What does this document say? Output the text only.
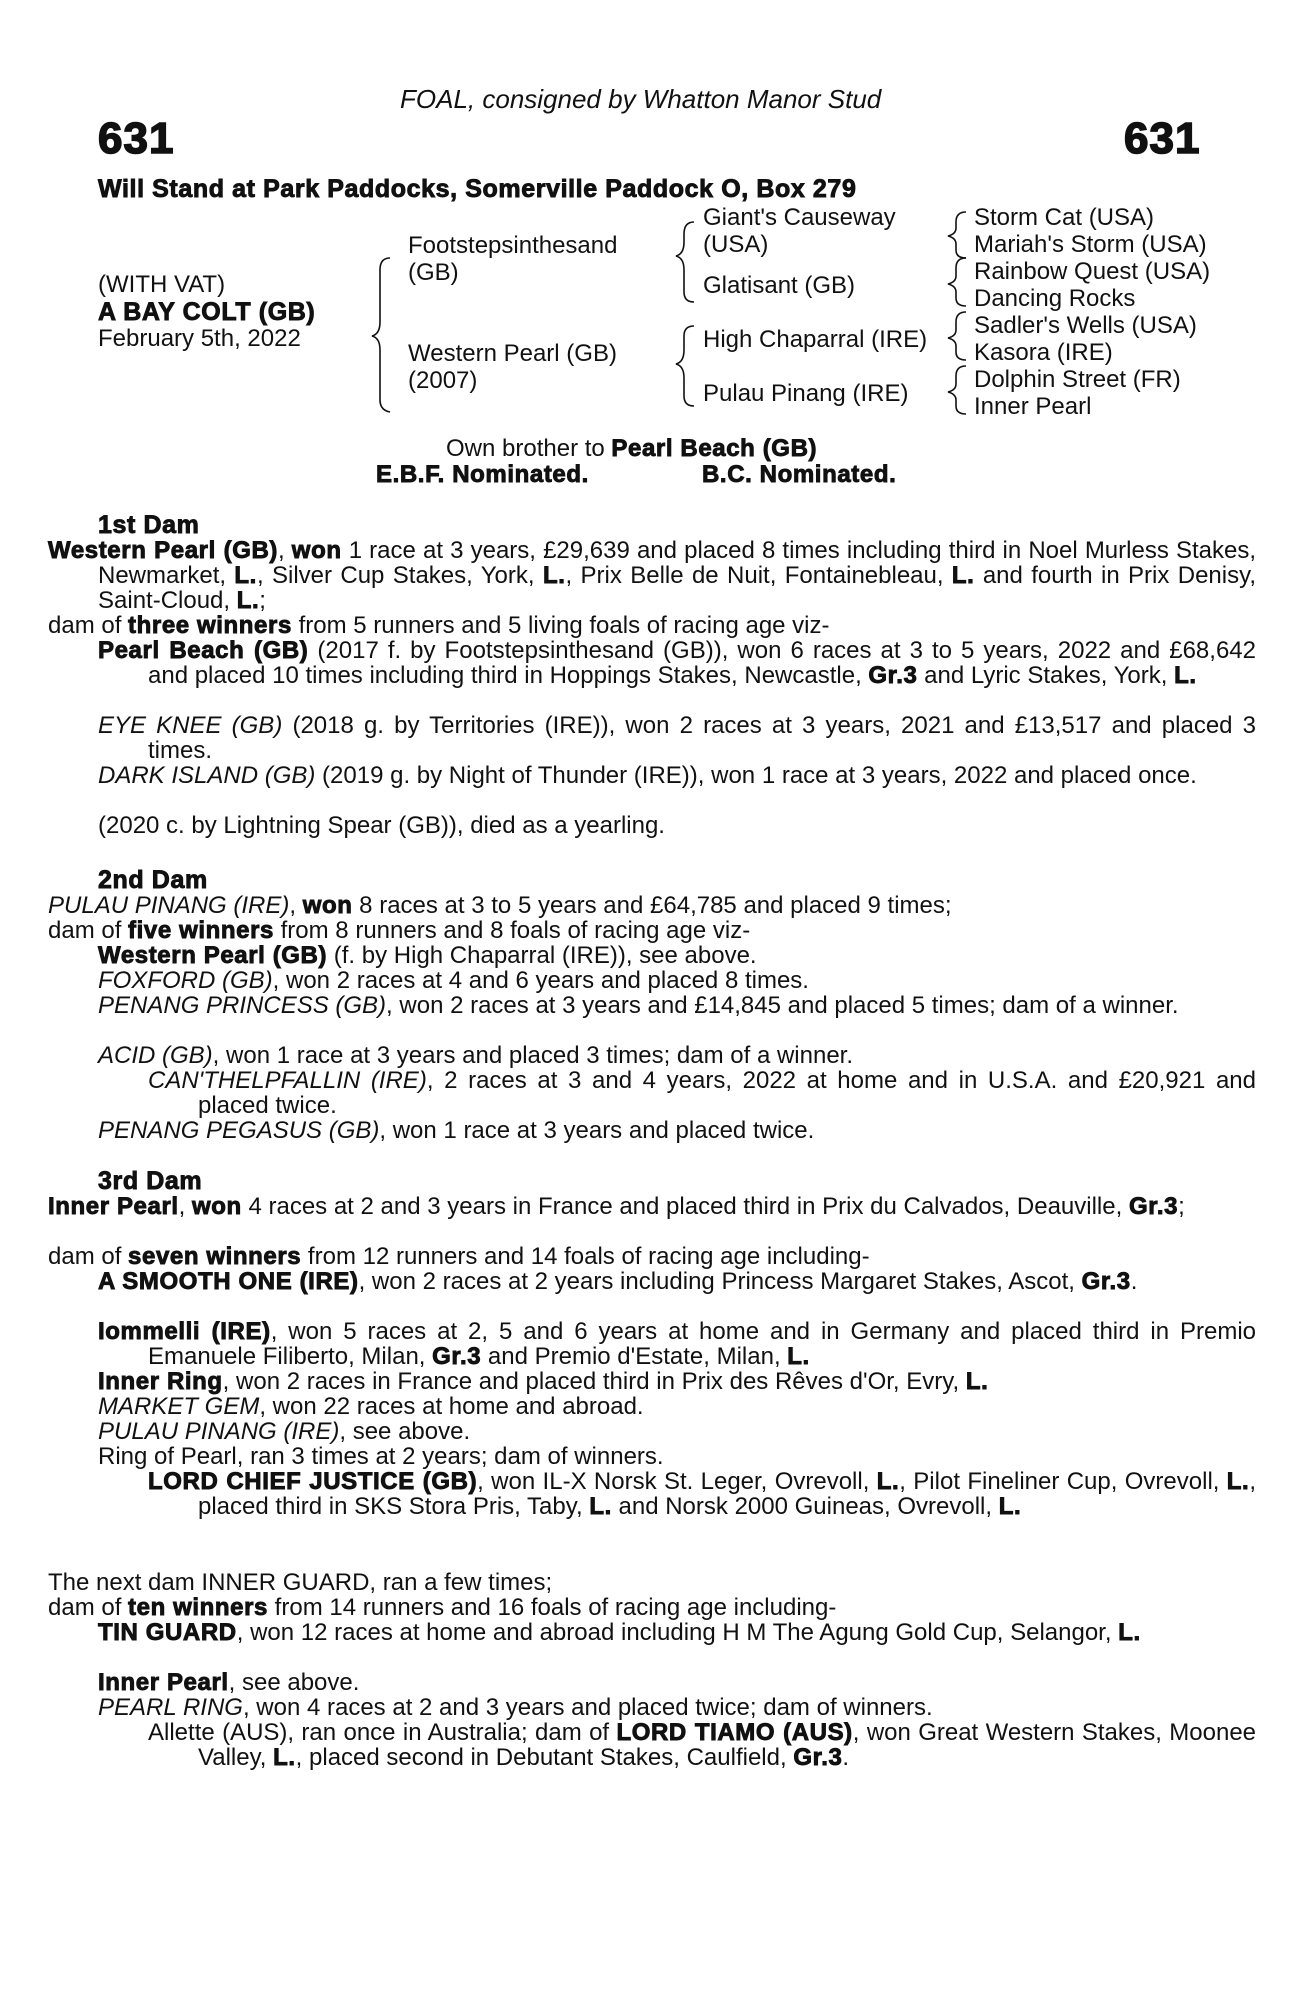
FOAL, consigned by Whatton Manor Stud
631	631
Will Stand at Park Paddocks, Somerville Paddock O, Box 279
(WITH VAT)
A BAY COLT (GB)
February 5th, 2022
Footstepsinthesand
(GB)
Western Pearl (GB)
(2007)
Giant's Causeway
(USA)
Glatisant (GB)
High Chaparral (IRE)
Pulau Pinang (IRE)
Storm Cat (USA)
Mariah's Storm (USA)
Rainbow Quest (USA)
Dancing Rocks
Sadler's Wells (USA)
Kasora (IRE)
Dolphin Street (FR)
Inner Pearl
Own brother to Pearl Beach (GB)
E.B.F. Nominated.	B.C. Nominated.
1st Dam
Western Pearl (GB), won 1 race at 3 years, £29,639 and placed 8 times including third in Noel Murless Stakes, Newmarket, L., Silver Cup Stakes, York, L., Prix Belle de Nuit, Fontainebleau, L. and fourth in Prix Denisy, Saint-Cloud, L.;
dam of three winners from 5 runners and 5 living foals of racing age viz-
Pearl Beach (GB) (2017 f. by Footstepsinthesand (GB)), won 6 races at 3 to 5 years, 2022 and £68,642 and placed 10 times including third in Hoppings Stakes, Newcastle, Gr.3 and Lyric Stakes, York, L.
EYE KNEE (GB) (2018 g. by Territories (IRE)), won 2 races at 3 years, 2021 and £13,517 and placed 3 times.
DARK ISLAND (GB) (2019 g. by Night of Thunder (IRE)), won 1 race at 3 years, 2022 and placed once.
(2020 c. by Lightning Spear (GB)), died as a yearling.
2nd Dam
PULAU PINANG (IRE), won 8 races at 3 to 5 years and £64,785 and placed 9 times;
dam of five winners from 8 runners and 8 foals of racing age viz-
Western Pearl (GB) (f. by High Chaparral (IRE)), see above.
FOXFORD (GB), won 2 races at 4 and 6 years and placed 8 times.
PENANG PRINCESS (GB), won 2 races at 3 years and £14,845 and placed 5 times; dam of a winner.
ACID (GB), won 1 race at 3 years and placed 3 times; dam of a winner.
CAN'THELPFALLIN (IRE), 2 races at 3 and 4 years, 2022 at home and in U.S.A. and £20,921 and placed twice.
PENANG PEGASUS (GB), won 1 race at 3 years and placed twice.
3rd Dam
Inner Pearl, won 4 races at 2 and 3 years in France and placed third in Prix du Calvados, Deauville, Gr.3;
dam of seven winners from 12 runners and 14 foals of racing age including-
A SMOOTH ONE (IRE), won 2 races at 2 years including Princess Margaret Stakes, Ascot, Gr.3.
Iommelli (IRE), won 5 races at 2, 5 and 6 years at home and in Germany and placed third in Premio Emanuele Filiberto, Milan, Gr.3 and Premio d'Estate, Milan, L.
Inner Ring, won 2 races in France and placed third in Prix des Rêves d'Or, Evry, L.
MARKET GEM, won 22 races at home and abroad.
PULAU PINANG (IRE), see above.
Ring of Pearl, ran 3 times at 2 years; dam of winners.
LORD CHIEF JUSTICE (GB), won IL-X Norsk St. Leger, Ovrevoll, L., Pilot Fineliner Cup, Ovrevoll, L., placed third in SKS Stora Pris, Taby, L. and Norsk 2000 Guineas, Ovrevoll, L.
The next dam INNER GUARD, ran a few times;
dam of ten winners from 14 runners and 16 foals of racing age including-
TIN GUARD, won 12 races at home and abroad including H M The Agung Gold Cup, Selangor, L.
Inner Pearl, see above.
PEARL RING, won 4 races at 2 and 3 years and placed twice; dam of winners.
Allette (AUS), ran once in Australia; dam of LORD TIAMO (AUS), won Great Western Stakes, Moonee Valley, L., placed second in Debutant Stakes, Caulfield, Gr.3.
